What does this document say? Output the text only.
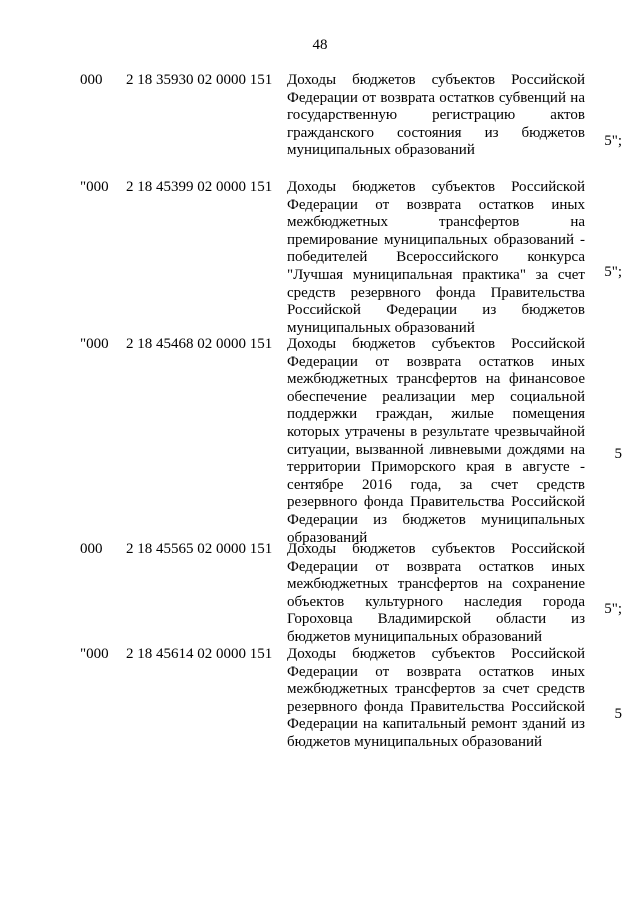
48
000 2 18 35930 02 0000 151 Доходы бюджетов субъектов Российской Федерации от возврата остатков субвенций на государственную регистрацию актов гражданского состояния из бюджетов муниципальных образований
5";
"000 2 18 45399 02 0000 151 Доходы бюджетов субъектов Российской Федерации от возврата остатков иных межбюджетных трансфертов на премирование муниципальных образований - победителей Всероссийского конкурса "Лучшая муниципальная практика" за счет средств резервного фонда Правительства Российской Федерации из бюджетов муниципальных образований
5";
"000 2 18 45468 02 0000 151 Доходы бюджетов субъектов Российской Федерации от возврата остатков иных межбюджетных трансфертов на финансовое обеспечение реализации мер социальной поддержки граждан, жилые помещения которых утрачены в результате чрезвычайной ситуации, вызванной ливневыми дождями на территории Приморского края в августе - сентябре 2016 года, за счет средств резервного фонда Правительства Российской Федерации из бюджетов муниципальных образований
5
000 2 18 45565 02 0000 151 Доходы бюджетов субъектов Российской Федерации от возврата остатков иных межбюджетных трансфертов на сохранение объектов культурного наследия города Гороховца Владимирской области из бюджетов муниципальных образований
5";
"000 2 18 45614 02 0000 151 Доходы бюджетов субъектов Российской Федерации от возврата остатков иных межбюджетных трансфертов за счет средств резервного фонда Правительства Российской Федерации на капитальный ремонт зданий из бюджетов муниципальных образований
5
